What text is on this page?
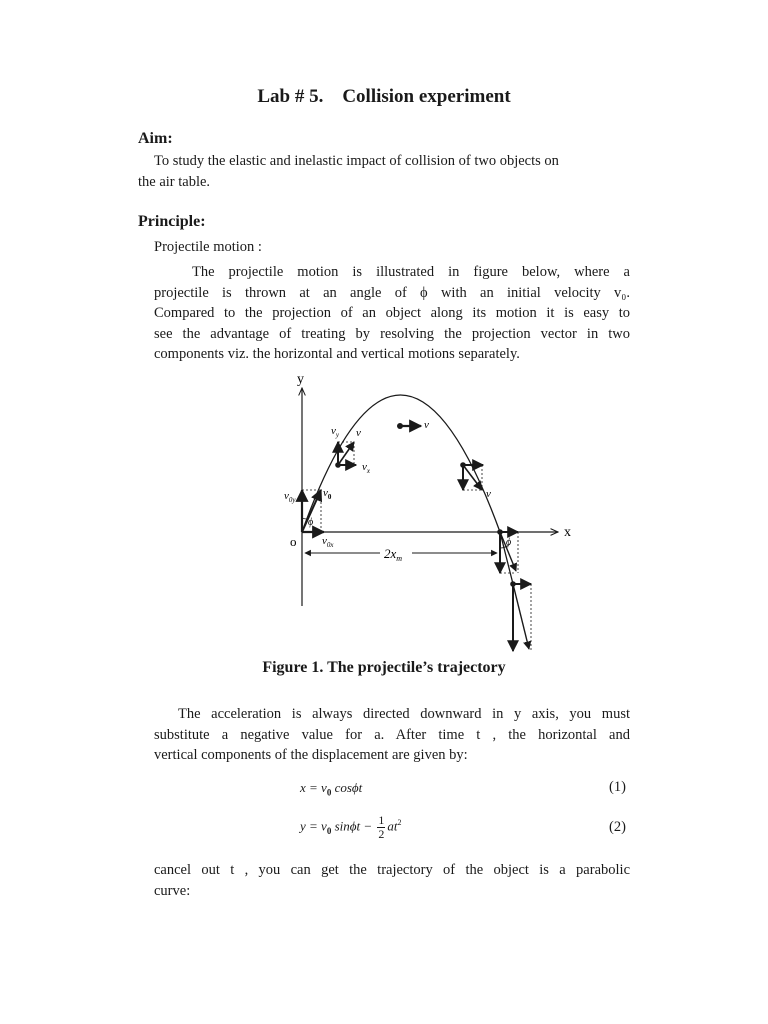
Lab # 5.    Collision experiment
Aim:
To study the elastic and inelastic impact of collision of two objects on
the air table.
Principle:
Projectile motion :
The projectile motion is illustrated in figure below, where a
projectile is thrown at an angle of ϕ with an initial velocity v₀.
Compared to the projection of an object along its motion it is easy to
see the advantage of treating by resolving the projection vector in two
components viz. the horizontal and vertical motions separately.
y
x
o
ϕ
$v_{0y}$
$v_0$
$v_{0x}$
$v_y$ v
$v_x$
v
v
ϕ
$2x_m$
Figure 1. The projectile’s trajectory
The acceleration is always directed downward in y axis, you must
substitute a negative value for a. After time t , the horizontal and
vertical components of the displacement are given by:
$x = v_0$ cosϕt	(1)
$y = v_0$ $\sin\phi t - \frac{1}{2} at^2$	(2)
cancel out t , you can get the trajectory of the object is a parabolic
curve:
